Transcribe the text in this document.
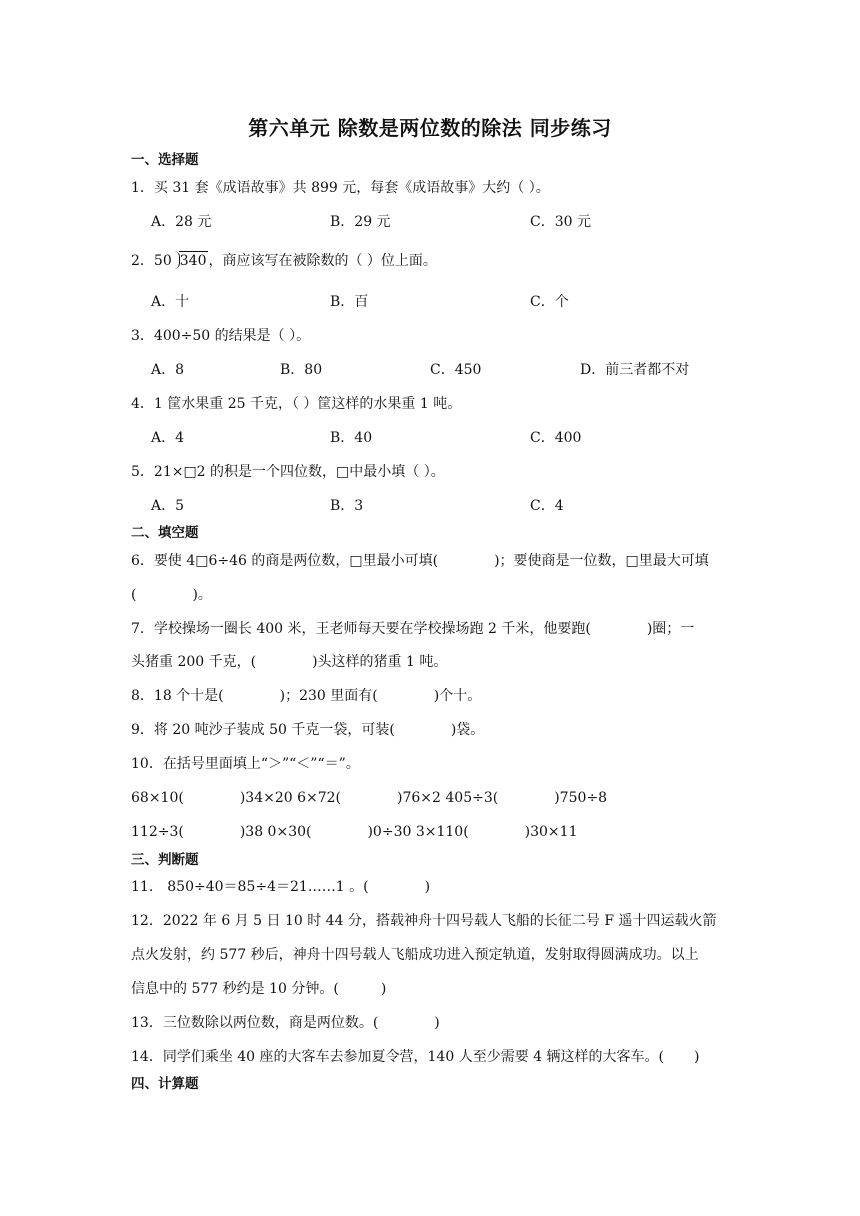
第六单元 除数是两位数的除法 同步练习
一、选择题
1．买 31 套《成语故事》共 899 元，每套《成语故事》大约（ ）。
A．28 元	B．29 元	C．30 元
2．50 340 ，商应该写在被除数的（ ）位上面。
A．十	B．百	C．个
3．400÷50 的结果是（ ）。
A．8	B．80	C．450	D．前三者都不对
4．1 筐水果重 25 千克，（ ）筐这样的水果重 1 吨。
A．4	B．40	C．400
5．21×□2 的积是一个四位数，□中最小填（ ）。
A．5	B．3	C．4
二、填空题
6．要使 4□6÷46 的商是两位数，□里最小可填(	)；要使商是一位数，□里最大可填
(	)。
7．学校操场一圈长 400 米，王老师每天要在学校操场跑 2 千米，他要跑(	)圈；一
头猪重 200 千克，(	)头这样的猪重 1 吨。
8．18 个十是(	)；230 里面有(	)个十。
9．将 20 吨沙子装成 50 千克一袋，可装(	)袋。
10．在括号里面填上“＞”“＜”“＝”。
68×10(	)34×20 6×72(	)76×2 405÷3(	)750÷8
112÷3(	)38 0×30(	)0÷30 3×110(	)30×11
三、判断题
11． 850÷40＝85÷4＝21……1 。(	)
12．2022 年 6 月 5 日 10 时 44 分，搭载神舟十四号载人飞船的长征二号 F 遥十四运载火箭
点火发射，约 577 秒后，神舟十四号载人飞船成功进入预定轨道，发射取得圆满成功。以上
信息中的 577 秒约是 10 分钟。(	)
13．三位数除以两位数，商是两位数。(	)
14．同学们乘坐 40 座的大客车去参加夏令营，140 人至少需要 4 辆这样的大客车。( )
四、计算题
